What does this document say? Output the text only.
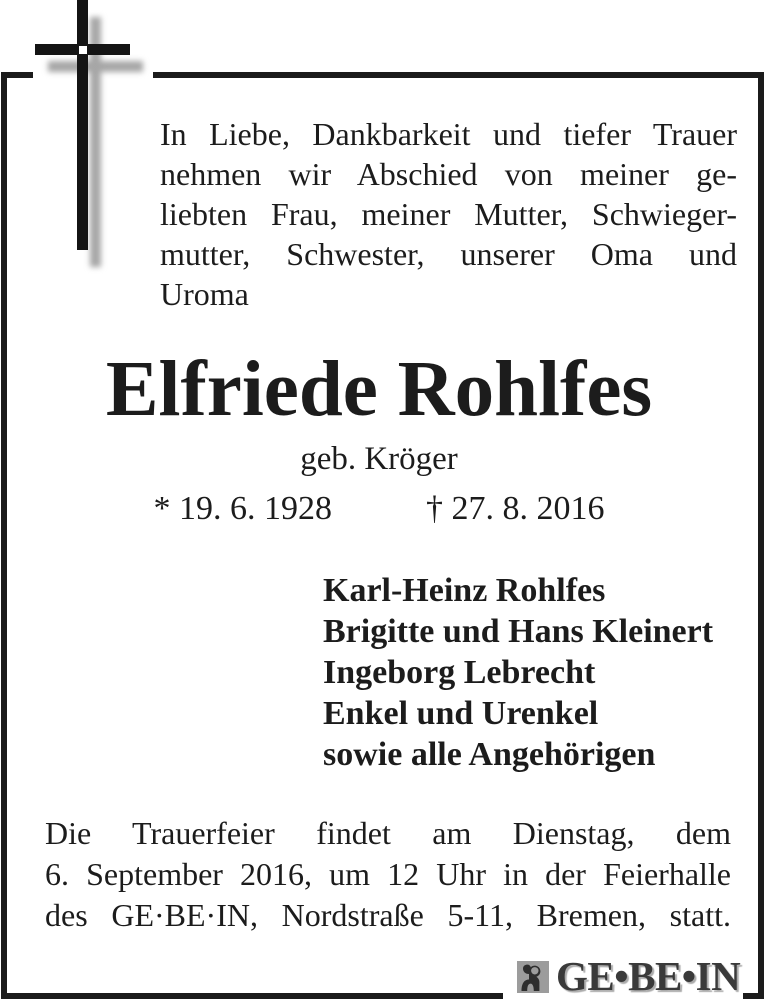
In Liebe, Dankbarkeit und tiefer Trauer
nehmen wir Abschied von meiner ge-
liebten Frau, meiner Mutter, Schwieger-
mutter, Schwester, unserer Oma und
Uroma
Elfriede Rohlfes
geb. Kröger
* 19. 6. 1928	† 27. 8. 2016
Karl-Heinz Rohlfes
Brigitte und Hans Kleinert
Ingeborg Lebrecht
Enkel und Urenkel
sowie alle Angehörigen
Die Trauerfeier findet am Dienstag, dem
6. September 2016, um 12 Uhr in der Feierhalle
des GE·BE·IN, Nordstraße 5-11, Bremen, statt.
GE•BE•IN
